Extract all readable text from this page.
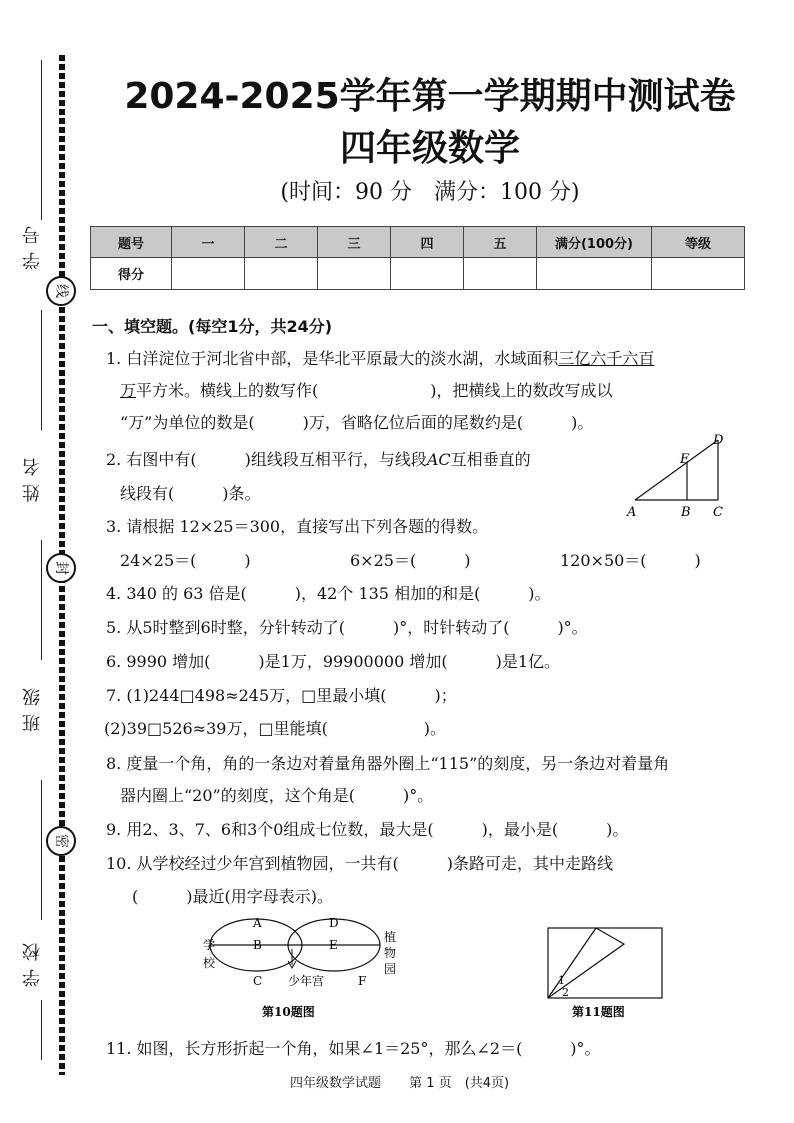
学号
姓名
班级
学校
线
封
密
2024-2025学年第一学期期中测试卷
四年级数学
(时间：90 分　满分：100 分)
题号	一	二	三	四	五	满分(100分)	等级
得分							
一、填空题。(每空1分，共24分)
1. 白洋淀位于河北省中部，是华北平原最大的淡水湖，水域面积三亿六千六百
万平方米。横线上的数写作(　　　　　　　)，把横线上的数改写成以
“万”为单位的数是(　　　)万，省略亿位后面的尾数约是(　　　)。
2. 右图中有(　　　)组线段互相平行，与线段AC互相垂直的
线段有(　　　)条。
D
E
A	B C
3. 请根据 12×25＝300，直接写出下列各题的得数。
24×25＝(　　　)	6×25＝(　　　)	120×50＝(　　　)
4. 340 的 63 倍是(　　　)，42个 135 相加的和是(　　　)。
5. 从5时整到6时整，分针转动了(　　　)°，时针转动了(　　　)°。
6. 9990 增加(　　　)是1万，99900000 增加(　　　)是1亿。
7. (1)244□498≈245万，□里最小填(　　　)；
(2)39□526≈39万，□里能填(　　　　　　)。
8. 度量一个角，角的一条边对着量角器外圈上“115”的刻度，另一条边对着量角
器内圈上“20”的刻度，这个角是(　　　)°。
9. 用2、3、7、6和3个0组成七位数，最大是(　　　)，最小是(　　　)。
10. 从学校经过少年宫到植物园，一共有(　　　)条路可走，其中走路线
(　　　)最近(用字母表示)。
A	D
B	E
C	F
学
校
植
物
园
少年宫
第10题图
1
2
第11题图
11. 如图，长方形折起一个角，如果∠1＝25°，那么∠2＝(　　　)°。
四年级数学试题 第 1 页　(共4页)
